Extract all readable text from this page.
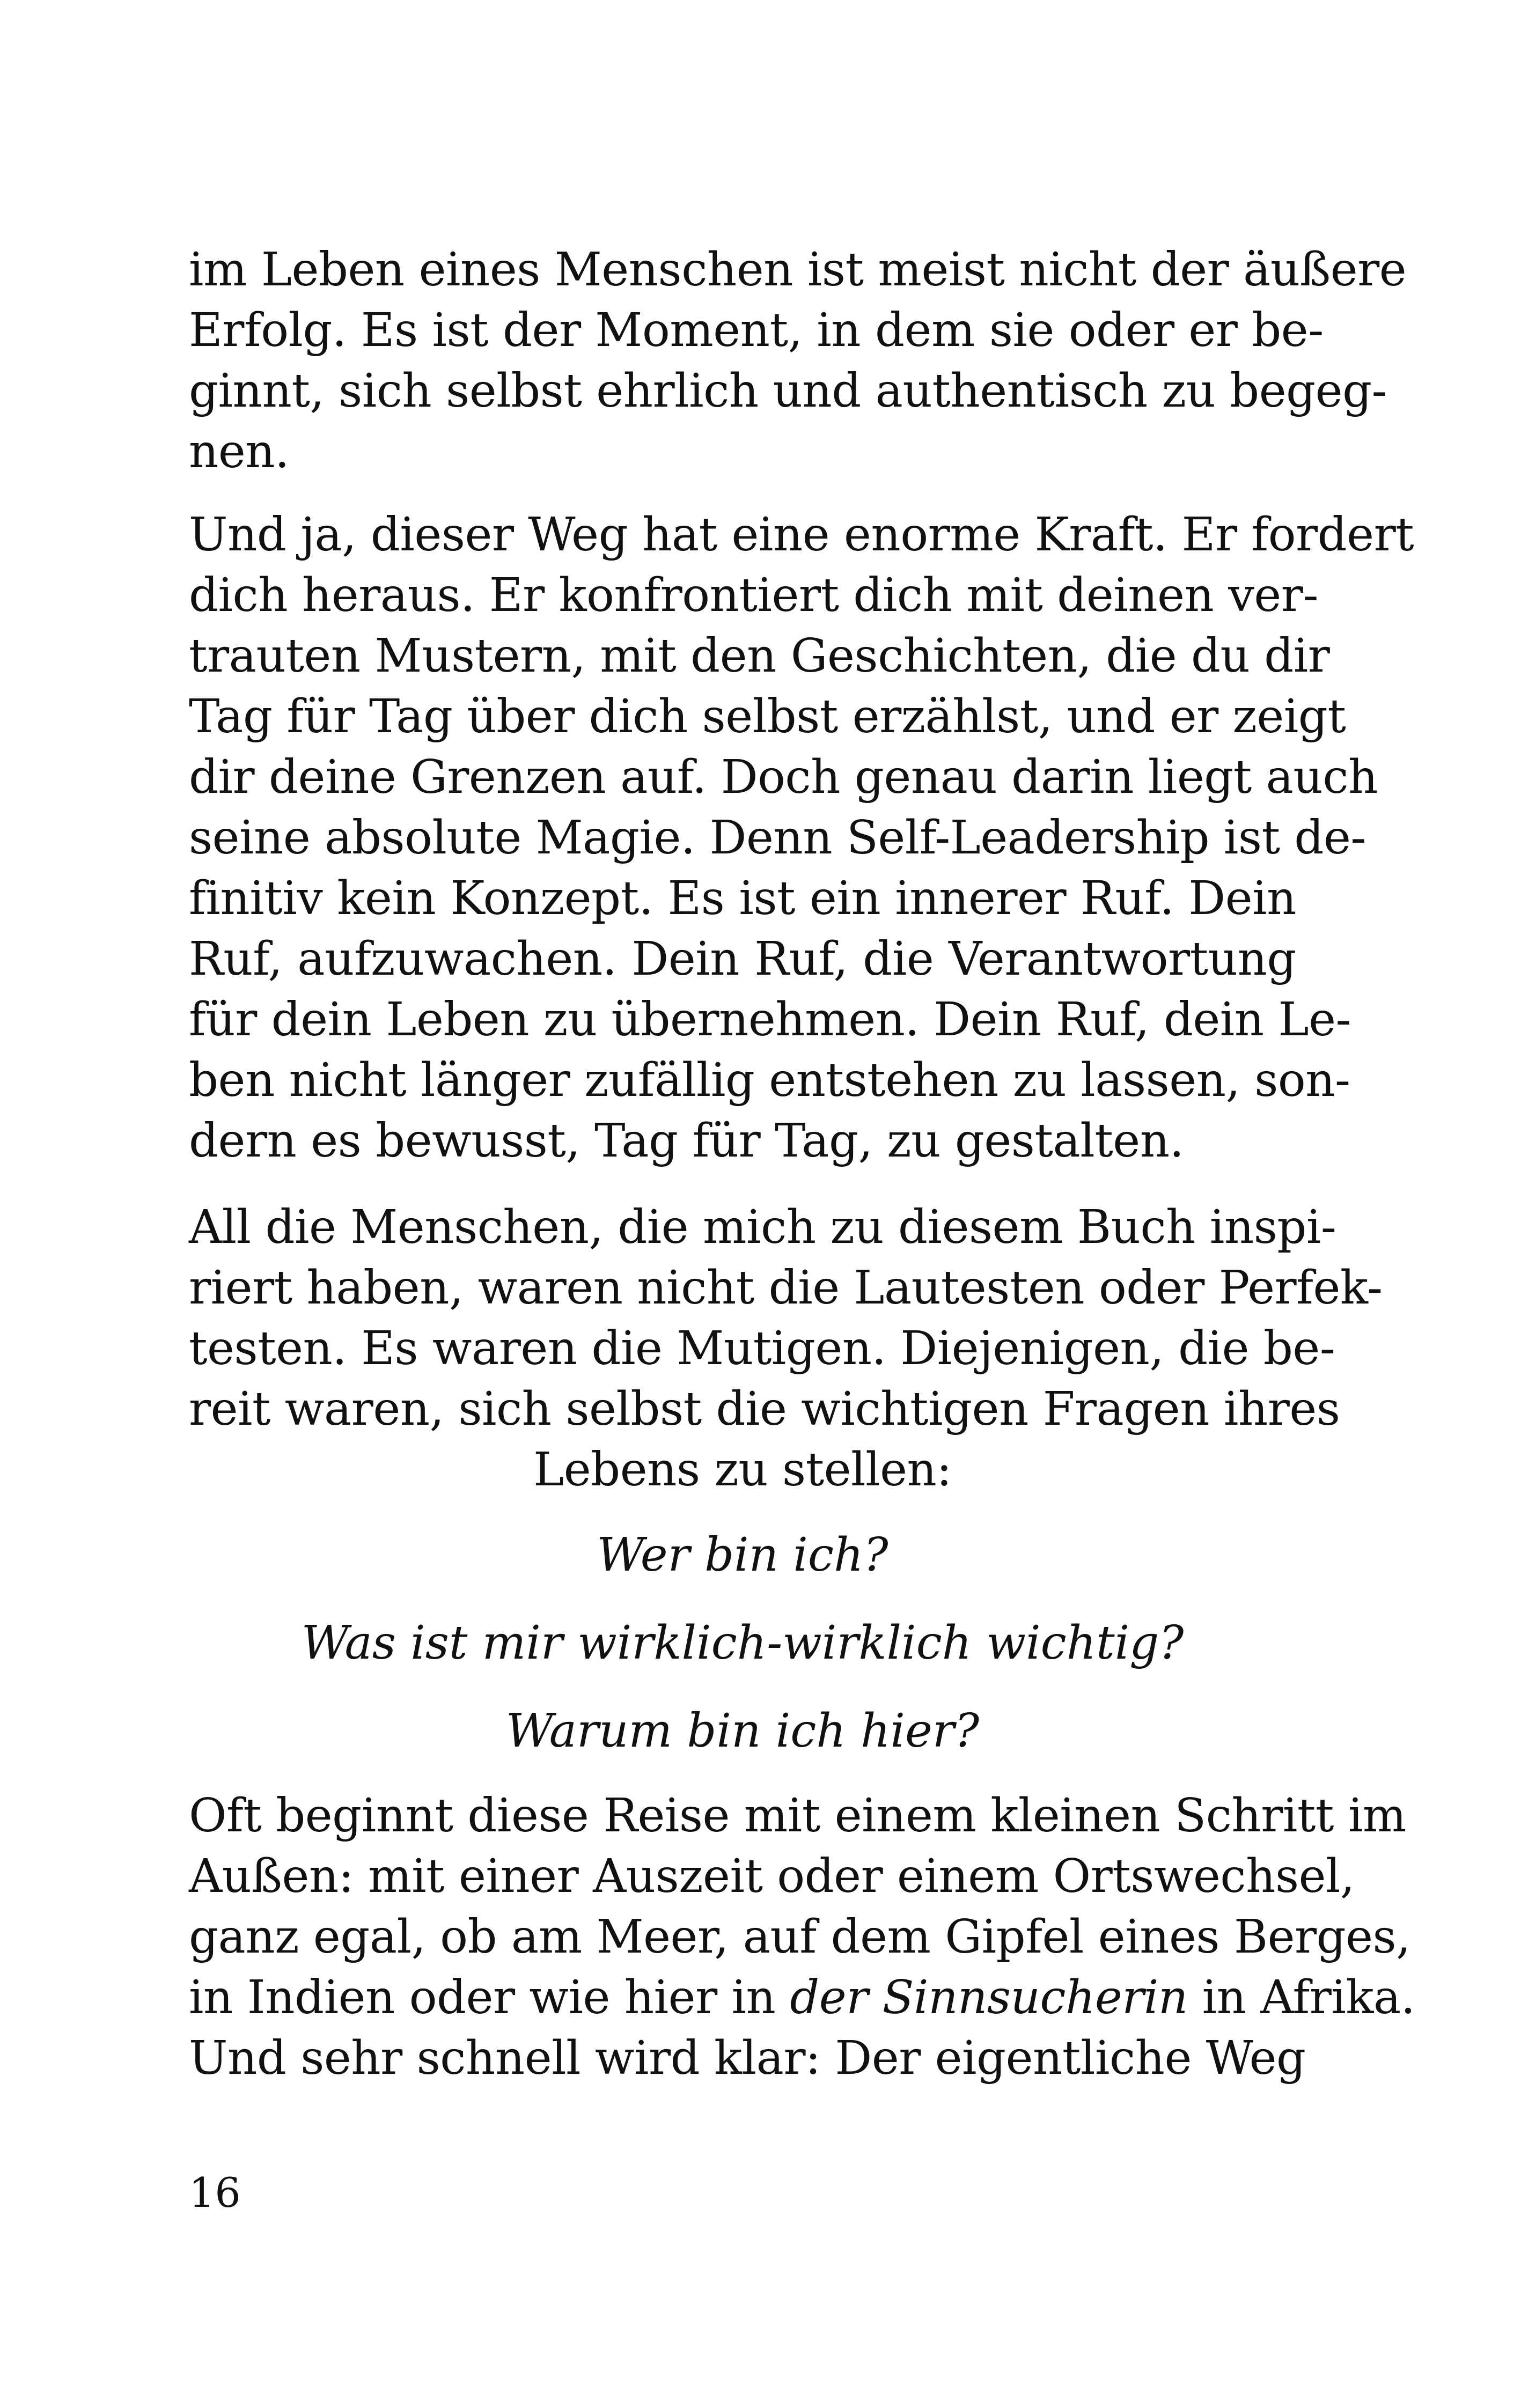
im Leben eines Menschen ist meist nicht der äußere
Erfolg. Es ist der Moment, in dem sie oder er be-
ginnt, sich selbst ehrlich und authentisch zu begeg-
nen.
Und ja, dieser Weg hat eine enorme Kraft. Er fordert
dich heraus. Er konfrontiert dich mit deinen ver-
trauten Mustern, mit den Geschichten, die du dir
Tag für Tag über dich selbst erzählst, und er zeigt
dir deine Grenzen auf. Doch genau darin liegt auch
seine absolute Magie. Denn Self-Leadership ist de-
finitiv kein Konzept. Es ist ein innerer Ruf. Dein
Ruf, aufzuwachen. Dein Ruf, die Verantwortung
für dein Leben zu übernehmen. Dein Ruf, dein Le-
ben nicht länger zufällig entstehen zu lassen, son-
dern es bewusst, Tag für Tag, zu gestalten.
All die Menschen, die mich zu diesem Buch inspi-
riert haben, waren nicht die Lautesten oder Perfek-
testen. Es waren die Mutigen. Diejenigen, die be-
reit waren, sich selbst die wichtigen Fragen ihres
Lebens zu stellen:
Wer bin ich?
Was ist mir wirklich-wirklich wichtig?
Warum bin ich hier?
Oft beginnt diese Reise mit einem kleinen Schritt im
Außen: mit einer Auszeit oder einem Ortswechsel,
ganz egal, ob am Meer, auf dem Gipfel eines Berges,
in Indien oder wie hier in der Sinnsucherin in Afrika.
Und sehr schnell wird klar: Der eigentliche Weg
16
